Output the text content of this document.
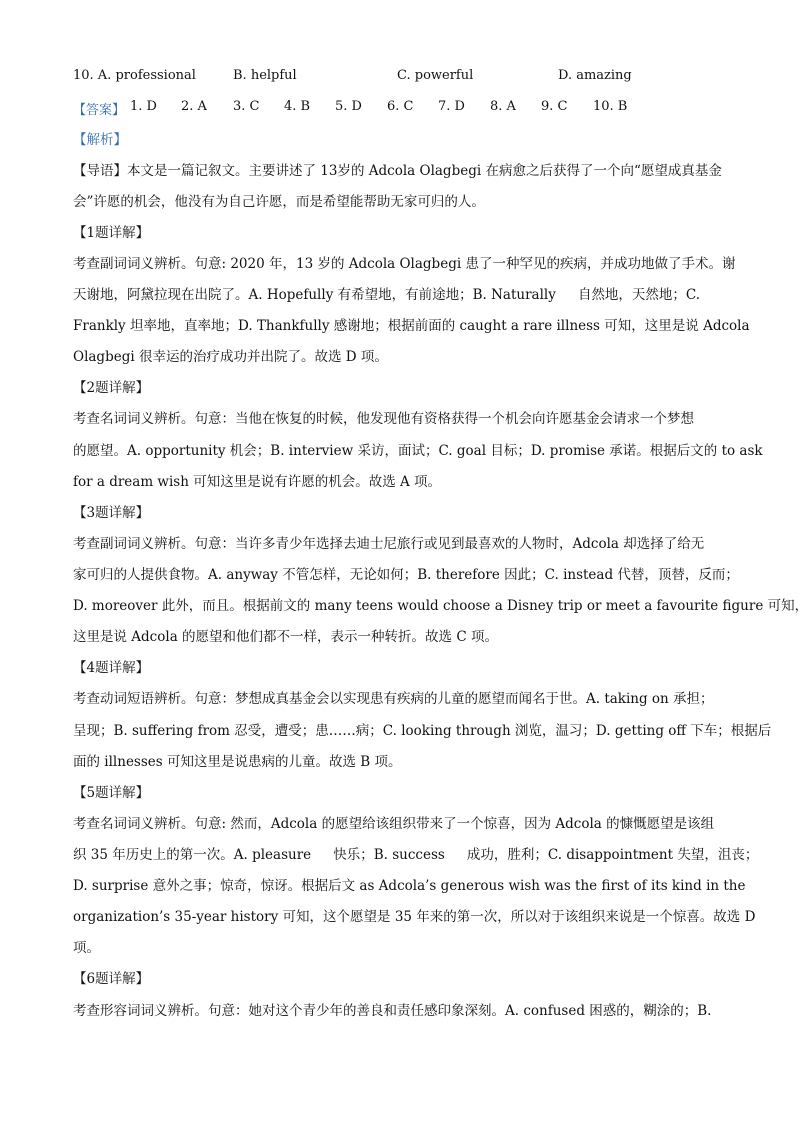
10. A. professional	B. helpful	C. powerful	D. amazing
【答案】 1. D 2. A 3. C 4. B 5. D 6. C 7. D 8. A 9. C 10. B
【解析】
【导语】本文是一篇记叙文。主要讲述了 13岁的 Adcola Olagbegi 在病愈之后获得了一个向“愿望成真基金
会”许愿的机会，他没有为自己许愿，而是希望能帮助无家可归的人。
【1题详解】
考查副词词义辨析。句意: 2020 年，13 岁的 Adcola Olagbegi 患了一种罕见的疾病，并成功地做了手术。谢
天谢地，阿黛拉现在出院了。A. Hopefully 有希望地，有前途地；B. Naturally 　 自然地，天然地；C.
Frankly 坦率地，直率地；D. Thankfully 感谢地；根据前面的 caught a rare illness 可知，这里是说 Adcola
Olagbegi 很幸运的治疗成功并出院了。故选 D 项。
【2题详解】
考查名词词义辨析。句意：当他在恢复的时候，他发现他有资格获得一个机会向许愿基金会请求一个梦想
的愿望。A. opportunity 机会；B. interview 采访，面试；C. goal 目标；D. promise 承诺。根据后文的 to ask
for a dream wish 可知这里是说有许愿的机会。故选 A 项。
【3题详解】
考查副词词义辨析。句意：当许多青少年选择去迪士尼旅行或见到最喜欢的人物时，Adcola 却选择了给无
家可归的人提供食物。A. anyway 不管怎样，无论如何；B. therefore 因此；C. instead 代替，顶替，反而；
D. moreover 此外，而且。根据前文的 many teens would choose a Disney trip or meet a favourite figure 可知，
这里是说 Adcola 的愿望和他们都不一样，表示一种转折。故选 C 项。
【4题详解】
考查动词短语辨析。句意：梦想成真基金会以实现患有疾病的儿童的愿望而闻名于世。A. taking on 承担；
呈现；B. suffering from 忍受，遭受；患……病；C. looking through 浏览，温习；D. getting off 下车；根据后
面的 illnesses 可知这里是说患病的儿童。故选 B 项。
【5题详解】
考查名词词义辨析。句意: 然而，Adcola 的愿望给该组织带来了一个惊喜，因为 Adcola 的慷慨愿望是该组
织 35 年历史上的第一次。A. pleasure 　 快乐；B. success 　 成功，胜利；C. disappointment 失望，沮丧；
D. surprise 意外之事；惊奇，惊讶。根据后文 as Adcola’s generous wish was the first of its kind in the
organization’s 35-year history 可知，这个愿望是 35 年来的第一次，所以对于该组织来说是一个惊喜。故选 D
项。
【6题详解】
考查形容词词义辨析。句意：她对这个青少年的善良和责任感印象深刻。A. confused 困惑的，糊涂的；B.
